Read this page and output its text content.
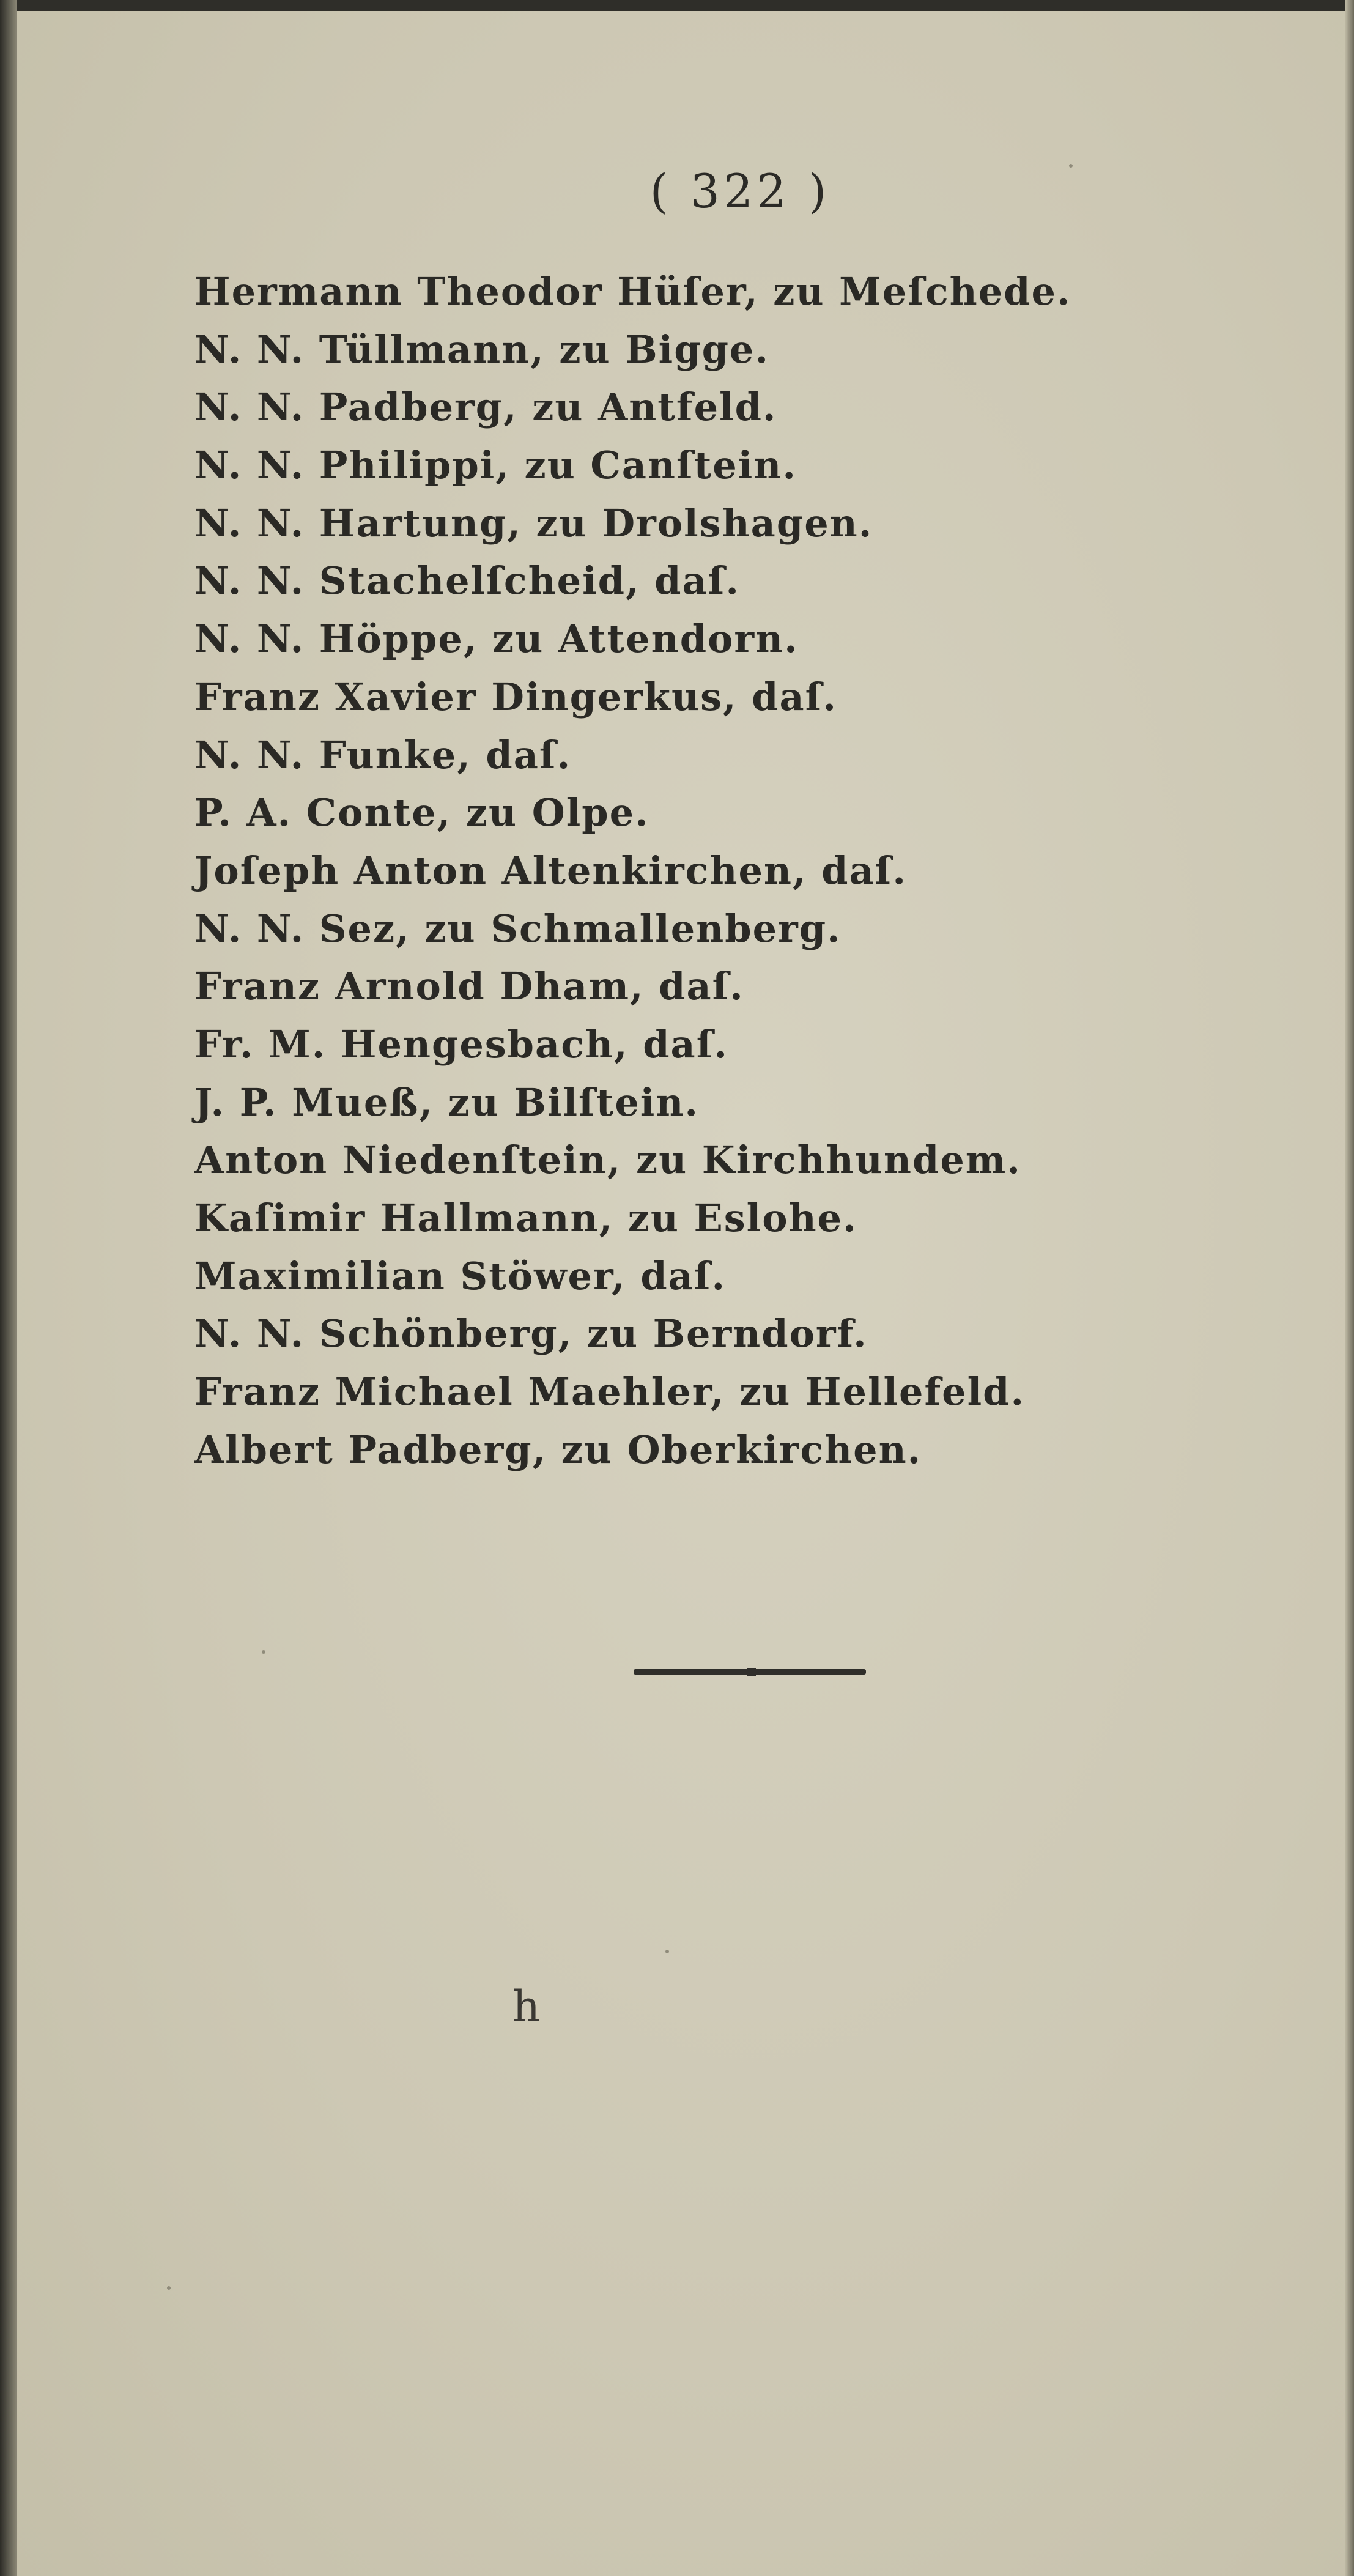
( 322 )
Hermann Theodor Hüſer, zu Meſchede.
N. N. Tüllmann, zu Bigge.
N. N. Padberg, zu Antfeld.
N. N. Philippi, zu Canſtein.
N. N. Hartung, zu Drolshagen.
N. N. Stachelſcheid, daſ.
N. N. Höppe, zu Attendorn.
Franz Xavier Dingerkus, daſ.
N. N. Funke, daſ.
P. A. Conte, zu Olpe.
Joſeph Anton Altenkirchen, daſ.
N. N. Sez, zu Schmallenberg.
Franz Arnold Dham, daſ.
Fr. M. Hengesbach, daſ.
J. P. Mueß, zu Bilſtein.
Anton Niedenſtein, zu Kirchhundem.
Kaſimir Hallmann, zu Eslohe.
Maximilian Stöwer, daſ.
N. N. Schönberg, zu Berndorf.
Franz Michael Maehler, zu Hellefeld.
Albert Padberg, zu Oberkirchen.
h
